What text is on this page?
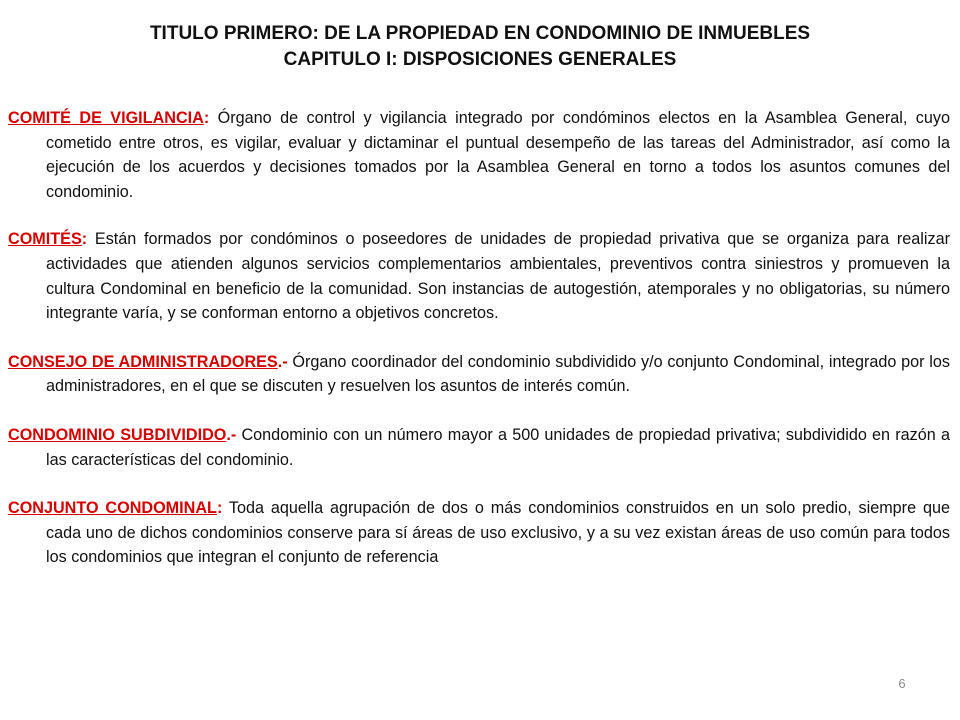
TITULO PRIMERO: DE LA PROPIEDAD EN CONDOMINIO DE INMUEBLES
CAPITULO I: DISPOSICIONES GENERALES

COMITÉ DE VIGILANCIA: Órgano de control y vigilancia integrado por condóminos electos en la Asamblea General, cuyo cometido entre otros, es vigilar, evaluar y dictaminar el puntual desempeño de las tareas del Administrador, así como la ejecución de los acuerdos y decisiones tomados por la Asamblea General en torno a todos los asuntos comunes del condominio.

COMITÉS: Están formados por condóminos o poseedores de unidades de propiedad privativa que se organiza para realizar actividades que atienden algunos servicios complementarios ambientales, preventivos contra siniestros y promueven la cultura Condominal en beneficio de la comunidad. Son instancias de autogestión, atemporales y no obligatorias, su número integrante varía, y se conforman entorno a objetivos concretos.

CONSEJO DE ADMINISTRADORES.- Órgano coordinador del condominio subdividido y/o conjunto Condominal, integrado por los administradores, en el que se discuten y resuelven los asuntos de interés común.

CONDOMINIO SUBDIVIDIDO.- Condominio con un número mayor a 500 unidades de propiedad privativa; subdividido en razón a las características del condominio.

CONJUNTO CONDOMINAL: Toda aquella agrupación de dos o más condominios construidos en un solo predio, siempre que cada uno de dichos condominios conserve para sí áreas de uso exclusivo, y a su vez existan áreas de uso común para todos los condominios que integran el conjunto de referencia

6
